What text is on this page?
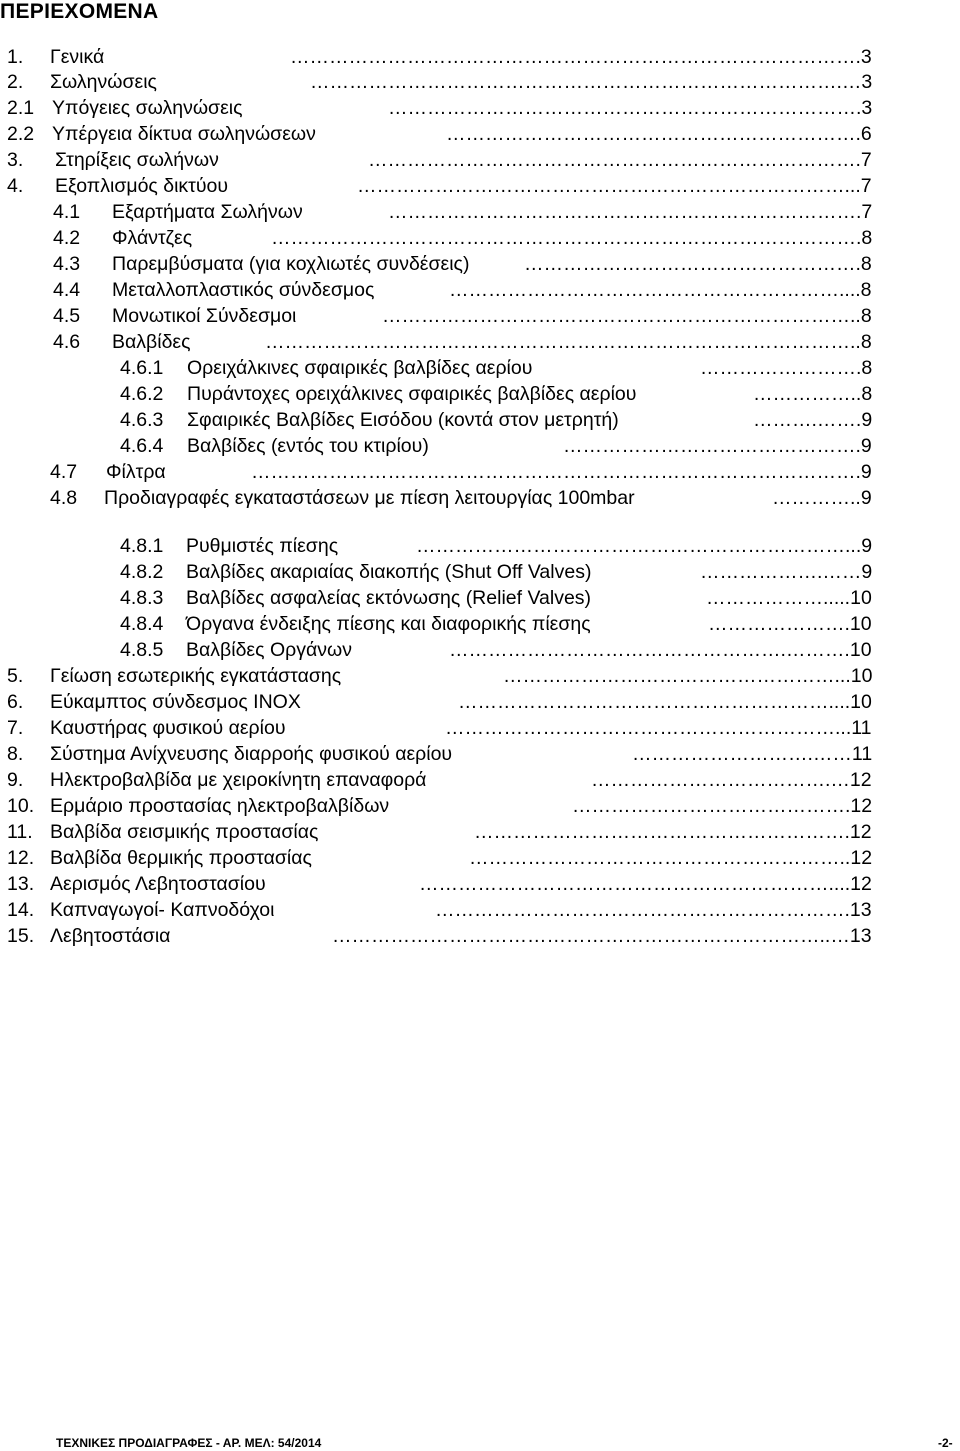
ΠΕΡΙΕΧΟΜΕΝΑ
1. Γενικά	…………………………………………………………………………….3
2. Σωληνώσεις	……………………………………………………………………….…3
2.1 Υπόγειες σωληνώσεις	……………………………………………………………….3
2.2 Υπέργεια δίκτυα σωληνώσεων	……………………………………………………….6
3. Στηρίξεις σωλήνων	………………………………………………………………….7
4. Εξοπλισμός δικτύου	…………………………………………………………………...7
4.1 Εξαρτήματα Σωλήνων	……………………………………………………………….7
4.2 Φλάντζες	……………………………………………………………………………….8
4.3 Παρεμβύσματα (για κοχλιωτές συνδέσεις)	…………………………………………….8
4.4 Μεταλλοπλαστικός σύνδεσμος	……………………………………………………....8
4.5 Μονωτικοί Σύνδεσμοι	………………………………………………………………..8
4.6 Βαλβίδες	………………………………………………………………………………..8
4.6.1 Ορειχάλκινες σφαιρικές βαλβίδες αερίου	…………………….8
4.6.2 Πυράντοχες ορειχάλκινες σφαιρικές βαλβίδες αερίου	……………..8
4.6.3 Σφαιρικές Βαλβίδες Εισόδου (κοντά στον μετρητή)	……….…….9
4.6.4 Βαλβίδες (εντός του κτιρίου)	……………………………………….9
4.7 Φίλτρα	………………………………………………………………………………….9
4.8 Προδιαγραφές εγκαταστάσεων με πίεση λειτουργίας 100mbar	…………..9
4.8.1 Ρυθμιστές πίεσης	…………………………………………………………...9
4.8.2 Βαλβίδες ακαριαίας διακοπής (Shut Off Valves)	……………….……9
4.8.3 Βαλβίδες ασφαλείας εκτόνωσης (Relief Valves)	……………….....10
4.8.4 Όργανα ένδειξης πίεσης και διαφορικής πίεσης	………………….10
4.8.5 Βαλβίδες Οργάνων	…………………………………………….……….10
5. Γείωση εσωτερικής εγκατάστασης	……………………………………………...10
6. Εύκαμπτος σύνδεσμος ΙΝΟΧ	…………………………………………………....10
7. Καυστήρας φυσικού αερίου	……………………………………………………...11
8. Σύστημα Ανίχνευσης διαρροής φυσικού αερίου	……………………….……11
9. Ηλεκτροβαλβίδα με χειροκίνητη επαναφορά	……………………………….…12
10. Ερμάριο προστασίας ηλεκτροβαλβίδων	…………………………………….12
11. Βαλβίδα σεισμικής προστασίας	………………………………………………….12
12. Βαλβίδα θερμικής προστασίας	…………………………………………………..12
13. Αερισμός Λεβητοστασίου	………………………………………………………....12
14. Καπναγωγοί- Καπνοδόχοι	……………………………………………………….13
15. Λεβητοστάσια	…………………………………………………………………..…13
ΤΕΧΝΙΚΕΣ ΠΡΟΔΙΑΓΡΑΦΕΣ - ΑΡ. ΜΕΛ: 54/2014	-2-
